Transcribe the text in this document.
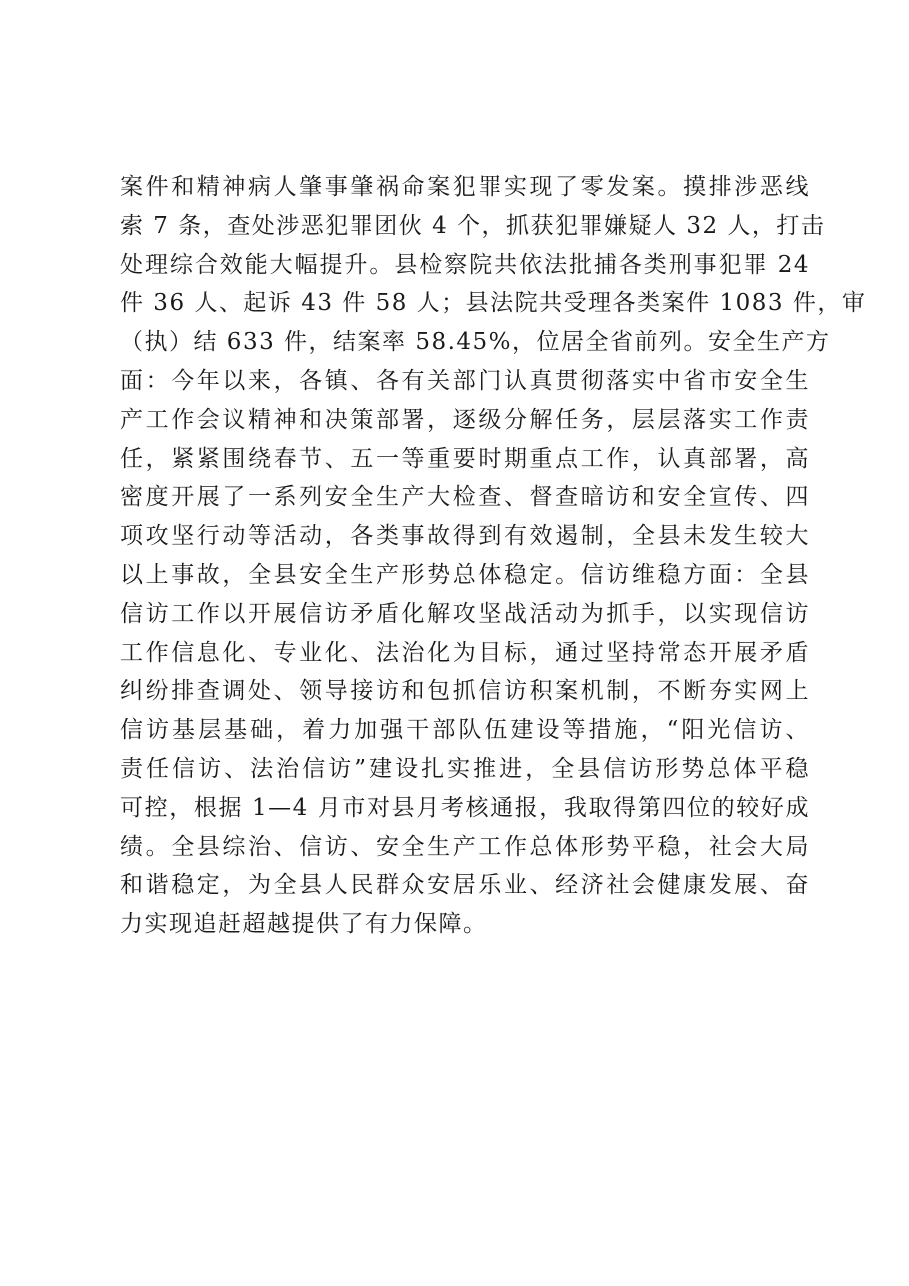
案件和精神病人肇事肇祸命案犯罪实现了零发案。摸排涉恶线
索 7 条，查处涉恶犯罪团伙 4 个，抓获犯罪嫌疑人 32 人，打击
处理综合效能大幅提升。县检察院共依法批捕各类刑事犯罪 24
件 36 人、起诉 43 件 58 人；县法院共受理各类案件 1083 件，审
（执）结 633 件，结案率 58.45%，位居全省前列。安全生产方
面：今年以来，各镇、各有关部门认真贯彻落实中省市安全生
产工作会议精神和决策部署，逐级分解任务，层层落实工作责
任，紧紧围绕春节、五一等重要时期重点工作，认真部署，高
密度开展了一系列安全生产大检查、督查暗访和安全宣传、四
项攻坚行动等活动，各类事故得到有效遏制，全县未发生较大
以上事故，全县安全生产形势总体稳定。信访维稳方面：全县
信访工作以开展信访矛盾化解攻坚战活动为抓手，以实现信访
工作信息化、专业化、法治化为目标，通过坚持常态开展矛盾
纠纷排查调处、领导接访和包抓信访积案机制，不断夯实网上
信访基层基础，着力加强干部队伍建设等措施，“阳光信访、
责任信访、法治信访”建设扎实推进，全县信访形势总体平稳
可控，根据 1—4 月市对县月考核通报，我取得第四位的较好成
绩。全县综治、信访、安全生产工作总体形势平稳，社会大局
和谐稳定，为全县人民群众安居乐业、经济社会健康发展、奋
力实现追赶超越提供了有力保障。
